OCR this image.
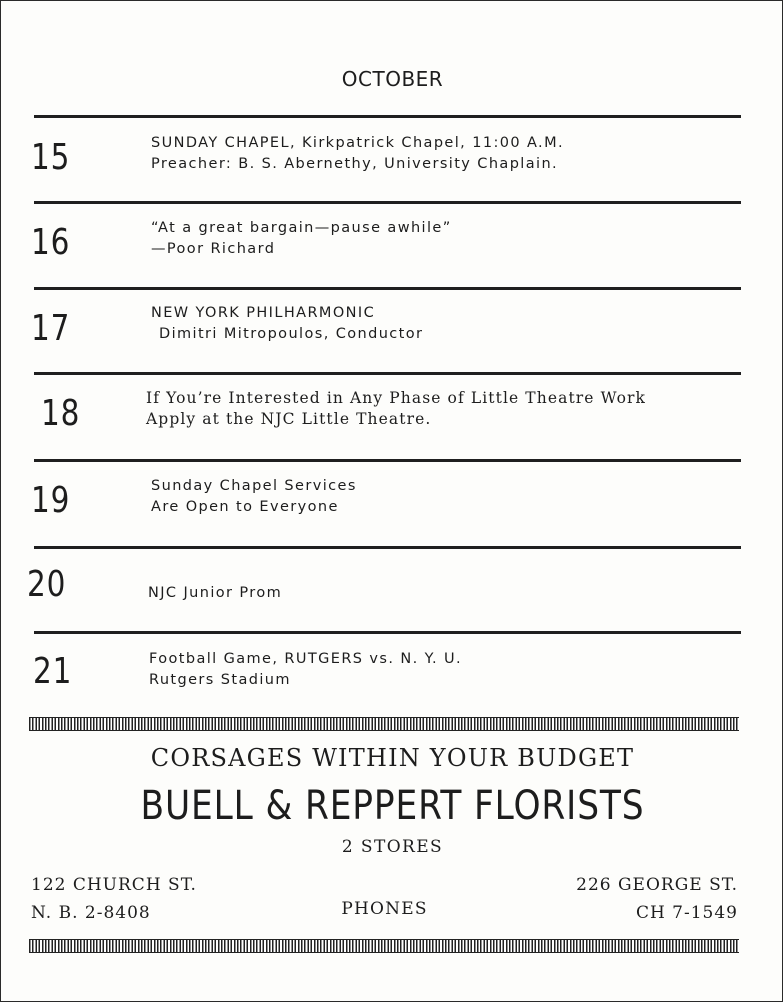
OCTOBER
15	SUNDAY CHAPEL, Kirkpatrick Chapel, 11:00 A.M.
Preacher: B. S. Abernethy, University Chaplain.
16	“At a great bargain—pause awhile”
—Poor Richard
17	NEW YORK PHILHARMONIC
Dimitri Mitropoulos, Conductor
18	If You’re Interested in Any Phase of Little Theatre Work
Apply at the NJC Little Theatre.
19	Sunday Chapel Services
Are Open to Everyone
20	NJC Junior Prom
21	Football Game, RUTGERS vs. N. Y. U.
Rutgers Stadium
CORSAGES WITHIN YOUR BUDGET
BUELL & REPPERT FLORISTS
2 STORES
122 CHURCH ST.
N. B. 2-8408	PHONES
226 GEORGE ST.
CH 7-1549
